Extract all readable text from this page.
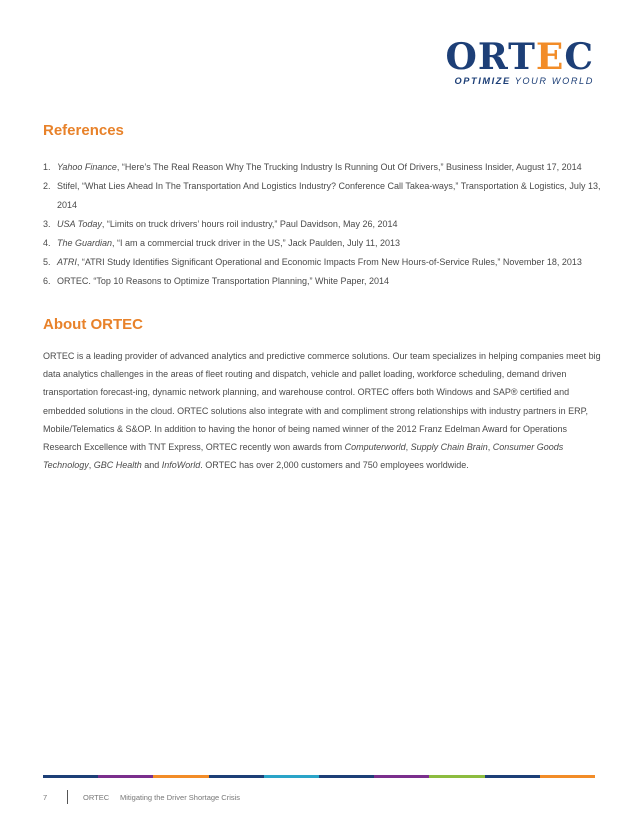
ORTEC
OPTIMIZE YOUR WORLD
References
1. Yahoo Finance, “Here’s The Real Reason Why The Trucking Industry Is Running Out Of Drivers,” Business Insider, August 17, 2014
2. Stifel, “What Lies Ahead In The Transportation And Logistics Industry? Conference Call Takea-ways,” Transportation & Logistics, July 13, 2014
3. USA Today, “Limits on truck drivers’ hours roil industry,” Paul Davidson, May 26, 2014
4. The Guardian, “I am a commercial truck driver in the US,” Jack Paulden, July 11, 2013
5. ATRI, “ATRI Study Identifies Significant Operational and Economic Impacts From New Hours-of-Service Rules,” November 18, 2013
6. ORTEC. “Top 10 Reasons to Optimize Transportation Planning,” White Paper, 2014
About ORTEC

ORTEC is a leading provider of advanced analytics and predictive commerce solutions. Our team specializes in helping companies meet big data analytics challenges in the areas of fleet routing and dispatch, vehicle and pallet loading, workforce scheduling, demand driven transportation forecast-ing, dynamic network planning, and warehouse control. ORTEC offers both Windows and SAP® certified and embedded solutions in the cloud. ORTEC solutions also integrate with and compliment strong relationships with industry partners in ERP, Mobile/Telematics & S&OP. In addition to having the honor of being named winner of the 2012 Franz Edelman Award for Operations Research Excellence with TNT Express, ORTEC recently won awards from Computerworld, Supply Chain Brain, Consumer Goods Technology, GBC Health and InfoWorld. ORTEC has over 2,000 customers and 750 employees worldwide.

7	ORTEC Mitigating the Driver Shortage Crisis
